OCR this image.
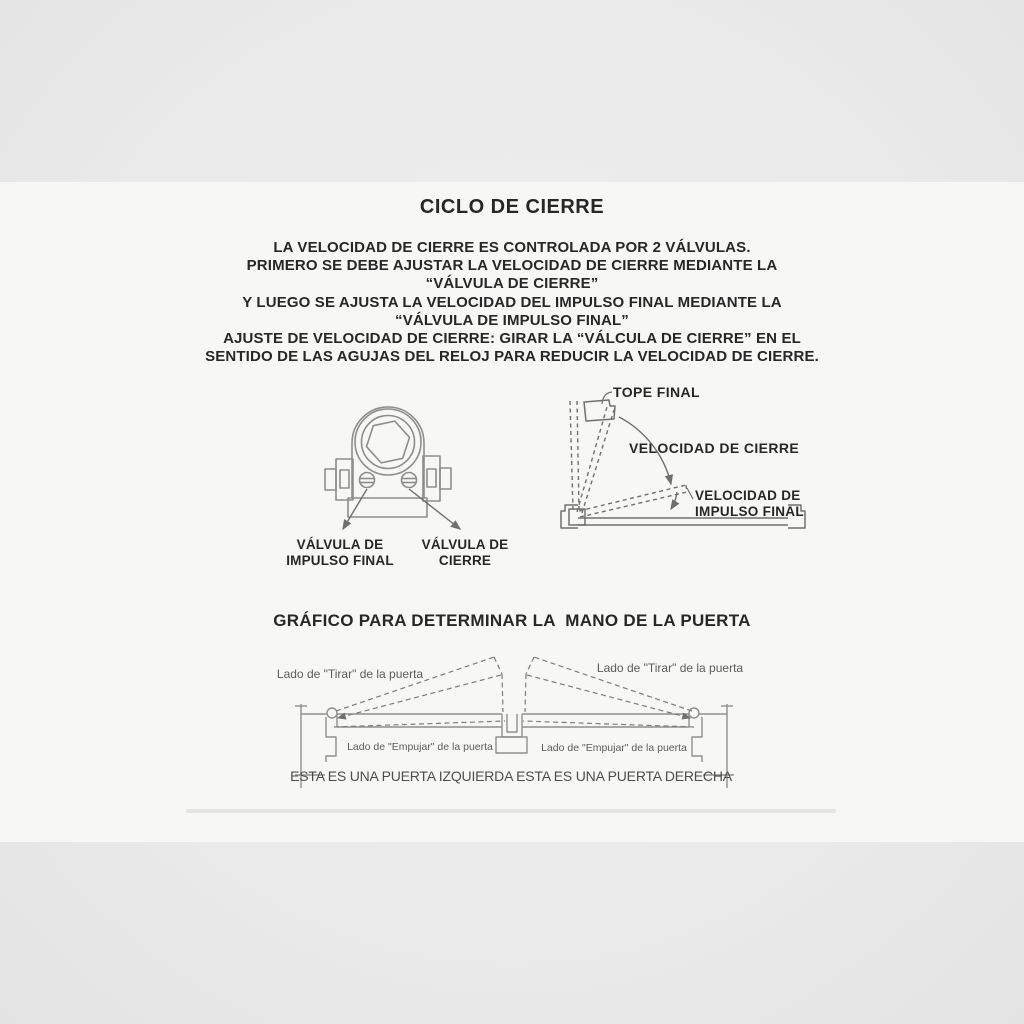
CICLO DE CIERRE
LA VELOCIDAD DE CIERRE ES CONTROLADA POR 2 VÁLVULAS.
PRIMERO SE DEBE AJUSTAR LA VELOCIDAD DE CIERRE MEDIANTE LA
“VÁLVULA DE CIERRE”
Y LUEGO SE AJUSTA LA VELOCIDAD DEL IMPULSO FINAL MEDIANTE LA
“VÁLVULA DE IMPULSO FINAL”
AJUSTE DE VELOCIDAD DE CIERRE: GIRAR LA “VÁLCULA DE CIERRE” EN EL
SENTIDO DE LAS AGUJAS DEL RELOJ PARA REDUCIR LA VELOCIDAD DE CIERRE.
VÁLVULA DE
IMPULSO FINAL
VÁLVULA DE
CIERRE
TOPE FINAL
VELOCIDAD DE CIERRE
VELOCIDAD DE
IMPULSO FINAL
GRÁFICO PARA DETERMINAR LA  MANO DE LA PUERTA
Lado de "Tirar" de la puerta	Lado de "Tirar" de la puerta
Lado de "Empujar" de la puerta	Lado de "Empujar" de la puerta
ESTA ES UNA PUERTA IZQUIERDA ESTA ES UNA PUERTA DERECHA
